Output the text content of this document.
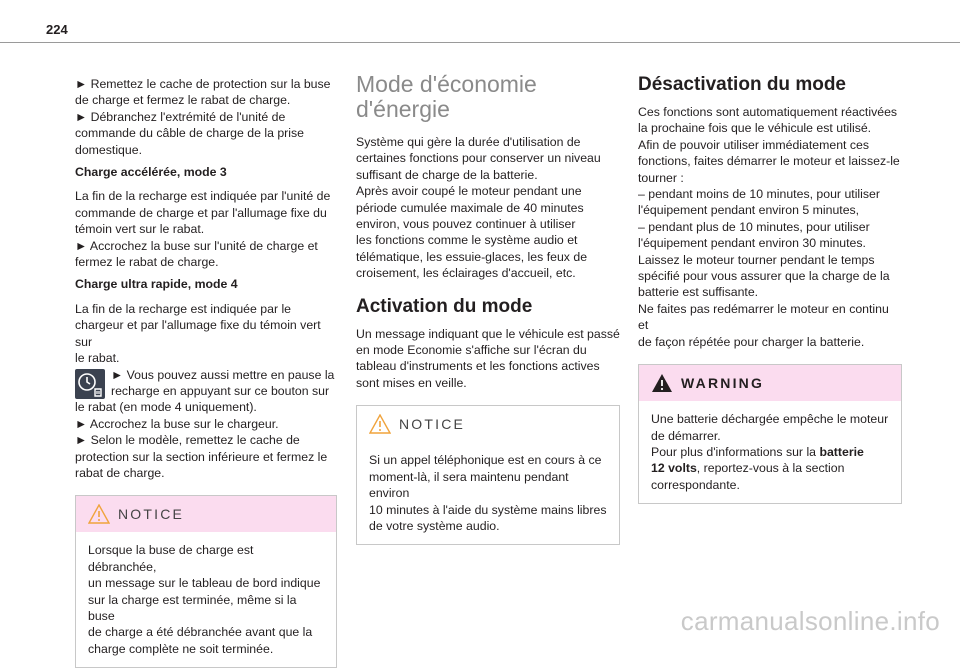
224
► Remettez le cache de protection sur la buse
de charge et fermez le rabat de charge.
► Débranchez l'extrémité de l'unité de
commande du câble de charge de la prise
domestique.
Charge accélérée, mode 3
La fin de la recharge est indiquée par l'unité de
commande de charge et par l'allumage fixe du
témoin vert sur le rabat.
► Accrochez la buse sur l'unité de charge et
fermez le rabat de charge.
Charge ultra rapide, mode 4
La fin de la recharge est indiquée par le
chargeur et par l'allumage fixe du témoin vert sur
le rabat.
► Vous pouvez aussi mettre en pause la
recharge en appuyant sur ce bouton sur
le rabat (en mode 4 uniquement).
► Accrochez la buse sur le chargeur.
► Selon le modèle, remettez le cache de
protection sur la section inférieure et fermez le
rabat de charge.
NOTICE
Lorsque la buse de charge est débranchée,
un message sur le tableau de bord indique
sur la charge est terminée, même si la buse
de charge a été débranchée avant que la
charge complète ne soit terminée.
Mode d'économie
d'énergie
Système qui gère la durée d'utilisation de
certaines fonctions pour conserver un niveau
suffisant de charge de la batterie.
Après avoir coupé le moteur pendant une
période cumulée maximale de 40 minutes
environ, vous pouvez continuer à utiliser
les fonctions comme le système audio et
télématique, les essuie-glaces, les feux de
croisement, les éclairages d'accueil, etc.
Activation du mode
Un message indiquant que le véhicule est passé
en mode Economie s'affiche sur l'écran du
tableau d'instruments et les fonctions actives
sont mises en veille.
NOTICE
Si un appel téléphonique est en cours à ce
moment-là, il sera maintenu pendant environ
10 minutes à l'aide du système mains libres
de votre système audio.
Désactivation du mode
Ces fonctions sont automatiquement réactivées
la prochaine fois que le véhicule est utilisé.
Afin de pouvoir utiliser immédiatement ces
fonctions, faites démarrer le moteur et laissez-le
tourner :
– pendant moins de 10 minutes, pour utiliser
l'équipement pendant environ 5 minutes,
– pendant plus de 10 minutes, pour utiliser
l'équipement pendant environ 30 minutes.
Laissez le moteur tourner pendant le temps
spécifié pour vous assurer que la charge de la
batterie est suffisante.
Ne faites pas redémarrer le moteur en continu et
de façon répétée pour charger la batterie.
WARNING
Une batterie déchargée empêche le moteur
de démarrer.
Pour plus d'informations sur la batterie
12 volts, reportez-vous à la section
correspondante.
carmanualsonline.info
